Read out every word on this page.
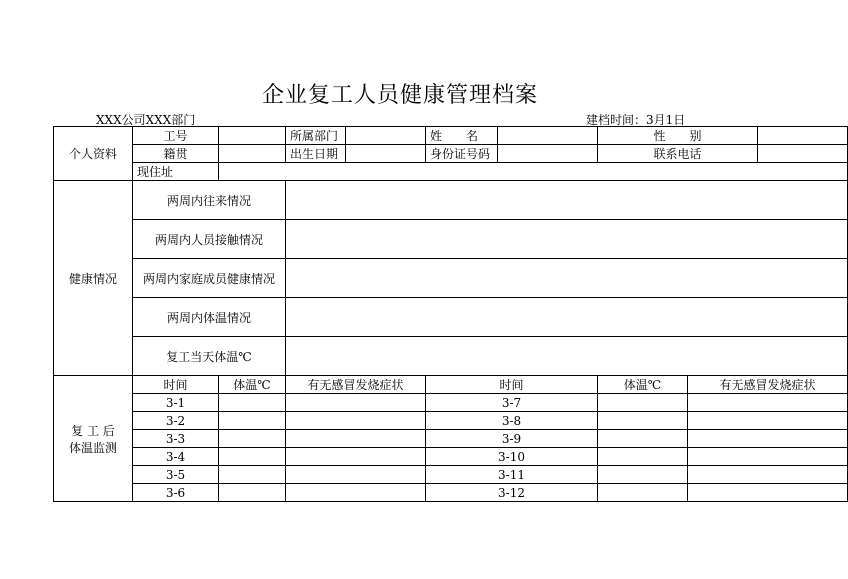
企业复工人员健康管理档案
XXX公司XXX部门	建档时间：3月1日
个人资料	工号		所属部门		姓　　名		性　　别		
	籍贯		出生日期		身份证号码		联系电话		
	现住址								
健康情况	两周内往来情况								
	两周内人员接触情况								
	两周内家庭成员健康情况								
	两周内体温情况								
	复工当天体温℃								

复 工 后
体温监测	时间	体温℃	有无感冒发烧症状		时间		体温℃	有无感冒发烧症状	
	3-1				3-7				
	3-2				3-8				
	3-3				3-9				
	3-4				3-10				
	3-5				3-11				
	3-6				3-12				
